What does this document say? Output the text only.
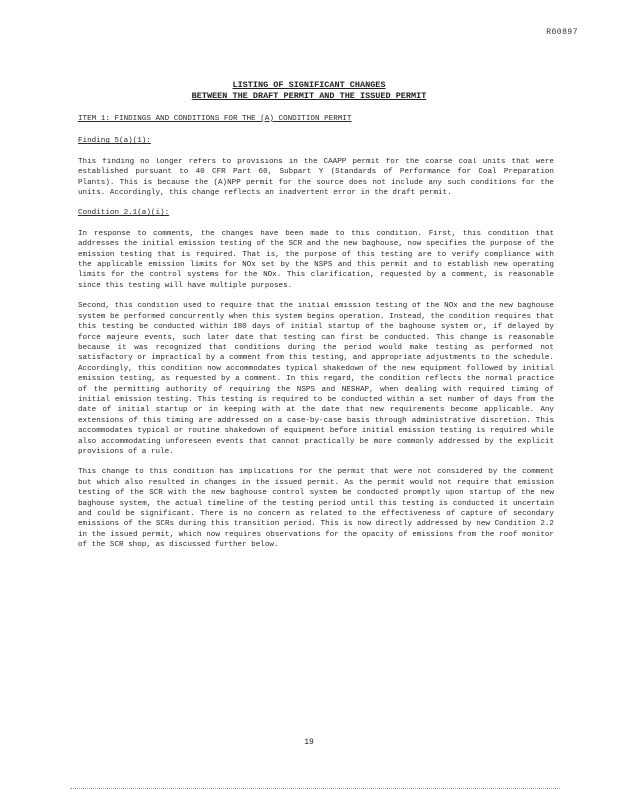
R00897
LISTING OF SIGNIFICANT CHANGES
BETWEEN THE DRAFT PERMIT AND THE ISSUED PERMIT
ITEM 1: FINDINGS AND CONDITIONS FOR THE (A) CONDITION PERMIT
Finding 5(a)(1):

This finding no longer refers to provisions in the CAAPP permit for the coarse coal units that were established pursuant to 40 CFR Part 60, Subpart Y (Standards of Performance for Coal Preparation Plants). This is because the (A)NPP permit for the source does not include any such conditions for the units. Accordingly, this change reflects an inadvertent error in the draft permit.

Condition 2.1(a)(i):

In response to comments, the changes have been made to this condition. First, this condition that addresses the initial emission testing of the SCR and the new baghouse, now specifies the purpose of the emission testing that is required. That is, the purpose of this testing are to verify compliance with the applicable emission limits for NOx set by the NSPS and this permit and to establish new operating limits for the control systems for the NOx. This clarification, requested by a comment, is reasonable since this testing will have multiple purposes.

Second, this condition used to require that the initial emission testing of the NOx and the new baghouse system be performed concurrently when this system begins operation. Instead, the condition requires that this testing be conducted within 180 days of initial startup of the baghouse system or, if delayed by force majeure events, such later date that testing can first be conducted. This change is reasonable because it was recognized that conditions during the period would make testing as performed not satisfactory or impractical by a comment from this testing, and appropriate adjustments to the schedule. Accordingly, this condition now accommodates typical shakedown of the new equipment followed by initial emission testing, as requested by a comment. In this regard, the condition reflects the normal practice of the permitting authority of requiring the NSPS and NESHAP, when dealing with required timing of initial emission testing. This testing is required to be conducted within a set number of days from the date of initial startup or in keeping with at the date that new requirements become applicable. Any extensions of this timing are addressed on a case-by-case basis through administrative discretion. This accommodates typical or routine shakedown of equipment before initial emission testing is required while also accommodating unforeseen events that cannot practically be more commonly addressed by the explicit provisions of a rule.

This change to this condition has implications for the permit that were not considered by the comment but which also resulted in changes in the issued permit. As the permit would not require that emission testing of the SCR with the new baghouse control system be conducted promptly upon startup of the new baghouse system, the actual timeline of the testing period until this testing is conducted it uncertain and could be significant. There is no concern as related to the effectiveness of capture of secondary emissions of the SCRs during this transition period. This is now directly addressed by new Condition 2.2 in the issued permit, which now requires observations for the opacity of emissions from the roof monitor of the SCR shop, as discussed further below.

19
